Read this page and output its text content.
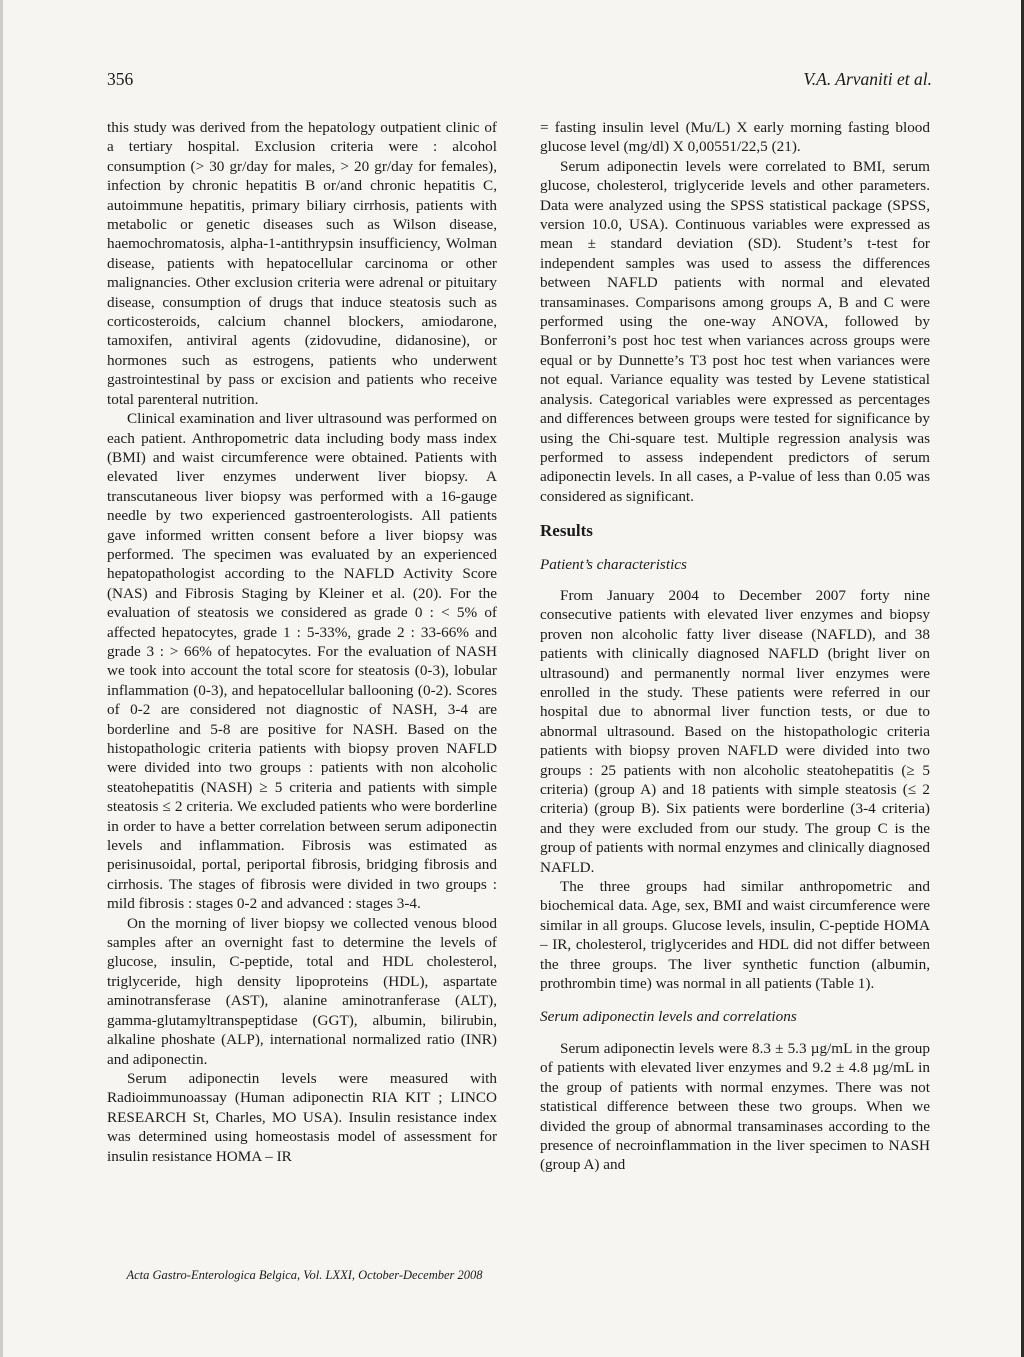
356	V.A. Arvaniti et al.

this study was derived from the hepatology outpatient clinic of a tertiary hospital. Exclusion criteria were : alcohol consumption (> 30 gr/day for males, > 20 gr/day for females), infection by chronic hepatitis B or/and chronic hepatitis C, autoimmune hepatitis, primary biliary cirrhosis, patients with metabolic or genetic diseases such as Wilson disease, haemochromatosis, alpha-1-antithrypsin insufficiency, Wolman disease, patients with hepatocellular carcinoma or other malignancies. Other exclusion criteria were adrenal or pituitary disease, consumption of drugs that induce steatosis such as corticosteroids, calcium channel blockers, amiodarone, tamoxifen, antiviral agents (zidovudine, didanosine), or hormones such as estrogens, patients who underwent gastrointestinal by pass or excision and patients who receive total parenteral nutrition.

Clinical examination and liver ultrasound was performed on each patient. Anthropometric data including body mass index (BMI) and waist circumference were obtained. Patients with elevated liver enzymes underwent liver biopsy. A transcutaneous liver biopsy was performed with a 16-gauge needle by two experienced gastroenterologists. All patients gave informed written consent before a liver biopsy was performed. The specimen was evaluated by an experienced hepatopathologist according to the NAFLD Activity Score (NAS) and Fibrosis Staging by Kleiner et al. (20). For the evaluation of steatosis we considered as grade 0 : < 5% of affected hepatocytes, grade 1 : 5-33%, grade 2 : 33-66% and grade 3 : > 66% of hepatocytes. For the evaluation of NASH we took into account the total score for steatosis (0-3), lobular inflammation (0-3), and hepatocellular ballooning (0-2). Scores of 0-2 are considered not diagnostic of NASH, 3-4 are borderline and 5-8 are positive for NASH. Based on the histopathologic criteria patients with biopsy proven NAFLD were divided into two groups : patients with non alcoholic steatohepatitis (NASH) ≥ 5 criteria and patients with simple steatosis ≤ 2 criteria. We excluded patients who were borderline in order to have a better correlation between serum adiponectin levels and inflammation. Fibrosis was estimated as perisinusoidal, portal, periportal fibrosis, bridging fibrosis and cirrhosis. The stages of fibrosis were divided in two groups : mild fibrosis : stages 0-2 and advanced : stages 3-4.

On the morning of liver biopsy we collected venous blood samples after an overnight fast to determine the levels of glucose, insulin, C-peptide, total and HDL cholesterol, triglyceride, high density lipoproteins (HDL), aspartate aminotransferase (AST), alanine aminotranferase (ALT), gamma-glutamyltranspeptidase (GGT), albumin, bilirubin, alkaline phoshate (ALP), international normalized ratio (INR) and adiponectin.

Serum adiponectin levels were measured with Radioimmunoassay (Human adiponectin RIA KIT ; LINCO RESEARCH St, Charles, MO USA). Insulin resistance index was determined using homeostasis model of assessment for insulin resistance HOMA – IR

= fasting insulin level (Mu/L) X early morning fasting blood glucose level (mg/dl) X 0,00551/22,5 (21).

Serum adiponectin levels were correlated to BMI, serum glucose, cholesterol, triglyceride levels and other parameters. Data were analyzed using the SPSS statistical package (SPSS, version 10.0, USA). Continuous variables were expressed as mean ± standard deviation (SD). Student’s t-test for independent samples was used to assess the differences between NAFLD patients with normal and elevated transaminases. Comparisons among groups A, B and C were performed using the one-way ANOVA, followed by Bonferroni’s post hoc test when variances across groups were equal or by Dunnette’s T3 post hoc test when variances were not equal. Variance equality was tested by Levene statistical analysis. Categorical variables were expressed as percentages and differences between groups were tested for significance by using the Chi-square test. Multiple regression analysis was performed to assess independent predictors of serum adiponectin levels. In all cases, a P-value of less than 0.05 was considered as significant.

Results
Patient’s characteristics

From January 2004 to December 2007 forty nine consecutive patients with elevated liver enzymes and biopsy proven non alcoholic fatty liver disease (NAFLD), and 38 patients with clinically diagnosed NAFLD (bright liver on ultrasound) and permanently normal liver enzymes were enrolled in the study. These patients were referred in our hospital due to abnormal liver function tests, or due to abnormal ultrasound. Based on the histopathologic criteria patients with biopsy proven NAFLD were divided into two groups : 25 patients with non alcoholic steatohepatitis (≥ 5 criteria) (group A) and 18 patients with simple steatosis (≤ 2 criteria) (group B). Six patients were borderline (3-4 criteria) and they were excluded from our study. The group C is the group of patients with normal enzymes and clinically diagnosed NAFLD.

The three groups had similar anthropometric and biochemical data. Age, sex, BMI and waist circumference were similar in all groups. Glucose levels, insulin, C-peptide HOMA – IR, cholesterol, triglycerides and HDL did not differ between the three groups. The liver synthetic function (albumin, prothrombin time) was normal in all patients (Table 1).

Serum adiponectin levels and correlations

Serum adiponectin levels were 8.3 ± 5.3 µg/mL in the group of patients with elevated liver enzymes and 9.2 ± 4.8 µg/mL in the group of patients with normal enzymes. There was not statistical difference between these two groups. When we divided the group of abnormal transaminases according to the presence of necroinflammation in the liver specimen to NASH (group A) and

Acta Gastro-Enterologica Belgica, Vol. LXXI, October-December 2008
